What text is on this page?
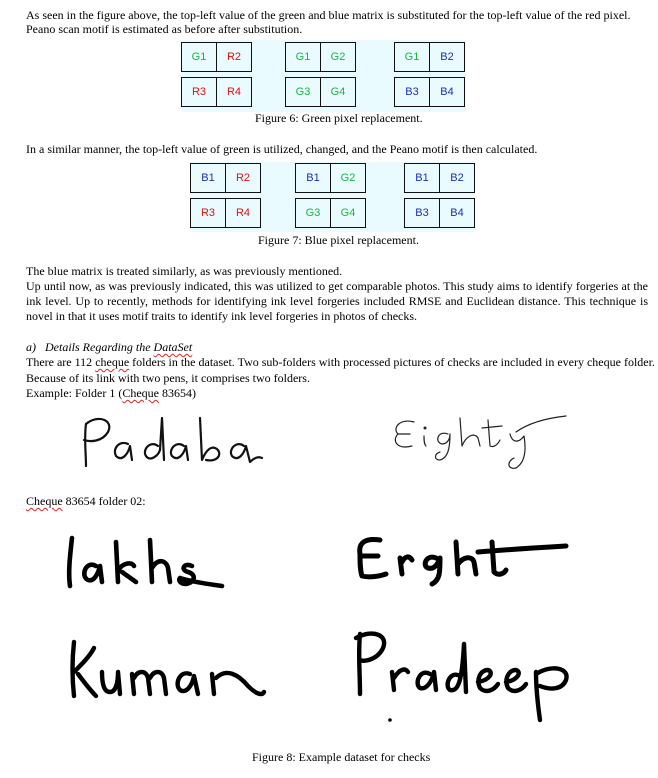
As seen in the figure above, the top-left value of the green and blue matrix is substituted for the top-left value of the red pixel.
Peano scan motif is estimated as before after substitution.
G1	R2
R3	R4
G1	G2
G3	G4
G1	B2
B3	B4
Figure 6: Green pixel replacement.
In a similar manner, the top-left value of green is utilized, changed, and the Peano motif is then calculated.
B1	R2
R3	R4
B1	G2
G3	G4
B1	B2
B3	B4
Figure 7: Blue pixel replacement.
The blue matrix is treated similarly, as was previously mentioned.
Up until now, as was previously indicated, this was utilized to get comparable photos. This study aims to identify forgeries at the ink level. Up to recently, methods for identifying ink level forgeries included RMSE and Euclidean distance. This technique is novel in that it uses motif traits to identify ink level forgeries in photos of checks.
a) Details Regarding the DataSet
There are 112 cheque folders in the dataset. Two sub-folders with processed pictures of checks are included in every cheque folder.
Because of its link with two pens, it comprises two folders.
Example: Folder 1 (Cheque 83654)
Cheque 83654 folder 02:
Figure 8: Example dataset for checks
